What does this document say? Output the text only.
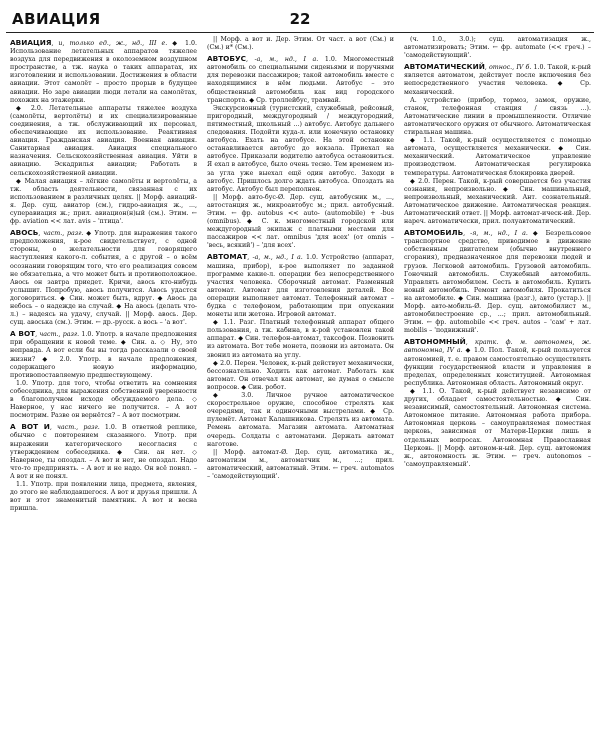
АВИАЦИЯ	22

АВИАЦИЯ, и, только ед., ж., нд., III е. ◆ 1.0. Использование летательных аппаратов тяжелее воздуха для передвижения в околоземном воздушном пространстве, а тж. наука о таких аппаратах, их изготовлении и использовании. Достижения в области авиации. Этот самолёт – просто прорыв в будущее авиации. Но заре авиации люди летали на самолётах, похожих на этажерки.

◆ 2.0. Летательные аппараты тяжелее воздуха (самолёты, вертолёты) и их специализированные соединения, а тж. обслуживающий их персонал, обеспечивающие их использование. Реактивная авиация. Гражданская авиация. Военная авиация. Санитарная авиация. Авиация специального назначения. Сельскохозяйственная авиация. Уйти в авиацию. Эскадрилья авиации; Работать в сельскохозяйственной авиации.

◆ Малая авиация – лёгкие самолёты и вертолёты, а тж. область деятельности, связанная с их использованием в различных целях. || Морф. авиаций-я. Дер. сущ. авиатор (см.), гидро-авиация ж., ..., суперавиация ж.; прил. авиацион(н)ый (см.). Этим. ← фр. aviation << лат. avis – 'птица'.

АВОСЬ, част., разг. ◆ Употр. для выражения такого предположения, к-рое свидетельствует, с одной стороны, о желательности для говорящего наступления какого-л. события, а с другой – о всём осознании говорящим того, что его реализация совсем не обязательна, а что может быть и противоположное. Авось он завтра приедет. Кричи, авось кто-нибудь услышит. Попробую, авось получится. Авось удастся договориться. ◆ Син. может быть, вдруг. ◆ Авось да небось – о надежде на случай. ◆ На авось (делать что-л.) – надеясь на удачу, случай. || Морф. авось. Дер. сущ. авоська (см.). Этим. ← др.-русск. а вось – 'а вот'.

А ВОТ, част., разг. 1.0. Употр. в начале предложения при обращении к новой теме. ◆ Син. а. ◇ Ну, это неправда. А вот если бы вы тогда рассказали о своей жизни? ◆ 2.0. Употр. в начале предложения, содержащего новую информацию, противопоставляемую предшествующему.

1.0. Употр. для того, чтобы ответить на сомнения собеседника, для выражения собственной уверенности в благополучном исходе обсуждаемого дела. ◇ Наверное, у нас ничего не получится. – А вот посмотрим. Разве он вернётся? – А вот посмотрим.

А ВОТ И, част., разг. 1.0. В ответной реплике, обычно с повторением сказанного. Употр. при выражении категорического несогласия с утверждением собеседника. ◆ Син. ан нет. ◇ Наверное, ты опоздал. – А вот и нет, не опоздал. Надо что-то предпринять. – А вот и не надо. Он всё понял. – А вот и не понял.

1.1. Употр. при появлении лица, предмета, явления, до этого не наблюдавшегося. А вот и друзья пришли. А вот и этот знаменитый памятник. А вот и весна пришла.

|| Морф. а вот и. Дер. Этим. От част. а вот (См.) и (См.) и* (Cм.).

АВТОБУС, -а, м., нд., I а. 1.0. Многоместный автомобиль со специальными сиденьями и поручнями для перевозки пассажиров; такой автомобиль вместе с находящимися в нём людьми. Автобус – это общественный автомобиль как вид городского транспорта. ◆ Ср. троллейбус, трамвай.

Экскурсионный (туристский, служебный, рейсовый, пригородный, междугородный / междугородний, пятиместный, школьный ...) автобус. Автобус дальнего следования. Подойти куда-л. или конечную остановку автобуса. Ехать на автобусе. На этой остановке останавливается автобус до вокзала. Приехал на автобусе. Приказали водителю автобуса остановиться. Я ехал в автобусе, было очень тесно. Тем временем из-за угла уже выехал ещё один автобус. Заходи в автобус. Пришлось долго ждать автобуса. Опоздать на автобус. Автобус был переполнен.

|| Морф. авто-бус-Ø. Дер. сущ. автобусник м., ..., автостанция ж., микроавтобус м.; прил. автобусный. Этим. ← фр. autobus << auto- (automobile) + -bus (omnibus). ◆ С. к. многоместный городской или междугородный экипаж с платными местами для пассажиров << лат. omnibus 'для всех' (от omnis – 'весь, всякий') – 'для всех'.

АВТОМАТ, -а, м., нд., I а. 1.0. Устройство (аппарат, машина, прибор), к-рое выполняет по заданной программе какие-л. операции без непосредственного участия человека. Сборочный автомат. Разменный автомат. Автомат для изготовления деталей. Все операции выполняет автомат. Телефонный автомат – будка с телефоном, работающим при опускании монеты или жетона. Игровой автомат.

◆ 1.1. Разг. Платный телефонный аппарат общего пользования, а тж. кабина, в к-рой установлен такой аппарат. ◆ Син. телефон-автомат, таксофон. Позвонить из автомата. Вот тебе монета, позвони из автомата. Он звонил из автомата на углу.

◆ 2.0. Перен. Человек, к-рый действует механически, бессознательно. Ходить как автомат. Работать как автомат. Он отвечал как автомат, не думая о смысле вопросов. ◆ Син. робот.

◆ 3.0. Личное ручное автоматическое скорострельное оружие, способное стрелять как очередями, так и одиночными выстрелами. ◆ Ср. пулемёт. Автомат Калашникова. Стрелять из автомата. Ремень автомата. Магазин автомата. Автоматная очередь. Солдаты с автоматами. Держать автомат наготове.

|| Морф. автомат-Ø. Дер. сущ. автоматика ж., автоматизм м., автоматчик м., ...; прил. автоматический, автоматный. Этим. ← греч. automatos – 'самодействующий'.

(ч. 1.0., 3.0.); сущ. автоматизация ж., автоматизировать; Этим. ← фр. automate (<< греч.) – 'самодействующий'.

АВТОМАТИЧЕСКИЙ, относ., IV б. 1.0. Такой, к-рый является автоматом, действует после включения без непосредственного участия человека. ◆ Ср. механический.

А. устройство (прибор, тормоз, замок, оружие, станок, телефонная станция / связь ...). Автоматические линии в промышленности. Отличие автоматического оружия от обычного. Автоматическая стиральная машина.

◆ 1.1. Такой, к-рый осуществляется с помощью автомата, осуществляется механически. ◆ Син. механический. Автоматическое управление производством. Автоматическая регулировка температуры. Автоматическая блокировка дверей.

◆ 2.0. Перен. Такой, к-рый совершается без участия сознания, непроизвольно. ◆ Син. машинальный, непроизвольный, механический. Ант. сознательный. Автоматическое движение. Автоматическая реакция. Автоматический ответ. || Морф. автомат-ическ-ий. Дер. нареч. автоматически, прил. полуавтоматический.

АВТОМОБИЛЬ, -я, м., нд., I а. ◆ Безрельсовое транспортное средство, приводимое в движение собственным двигателем (обычно внутреннего сгорания), предназначенное для перевозки людей и грузов. Легковой автомобиль. Грузовой автомобиль. Гоночный автомобиль. Служебный автомобиль. Управлять автомобилем. Сесть в автомобиль. Купить новый автомобиль. Ремонт автомобиля. Прокатиться на автомобиле. ◆ Син. машина (разг.), авто (устар.). || Морф. авто-мобиль-Ø. Дер. сущ. автомобилист м., автомобилестроение ср., ...; прил. автомобильный. Этим. ← фр. automobile << греч. autos – 'сам' + лат. mobilis – 'подвижный'.

АВТОНОМНЫЙ, кратк. ф. м. автономен, ж. автономна, IV а. ◆ 1.0. Пол. Такой, к-рый пользуется автономией, т. е. правом самостоятельно осуществлять функции государственной власти и управления в пределах, определенных конституцией. Автономная республика. Автономная область. Автономный округ.

◆ 1.1. О. Такой, к-рый действует независимо от других, обладает самостоятельностью. ◆ Син. независимый, самостоятельный. Автономная система. Автономное питание. Автономная работа прибора. Автономная церковь – самоуправляемая поместная церковь, зависимая от Матери-Церкви лишь в отдельных вопросах. Автономная Православная Церковь. || Морф. автоном-н-ый. Дер. сущ. автономия ж., автономность ж. Этим. ← греч. autonomos – 'самоуправляемый'.
